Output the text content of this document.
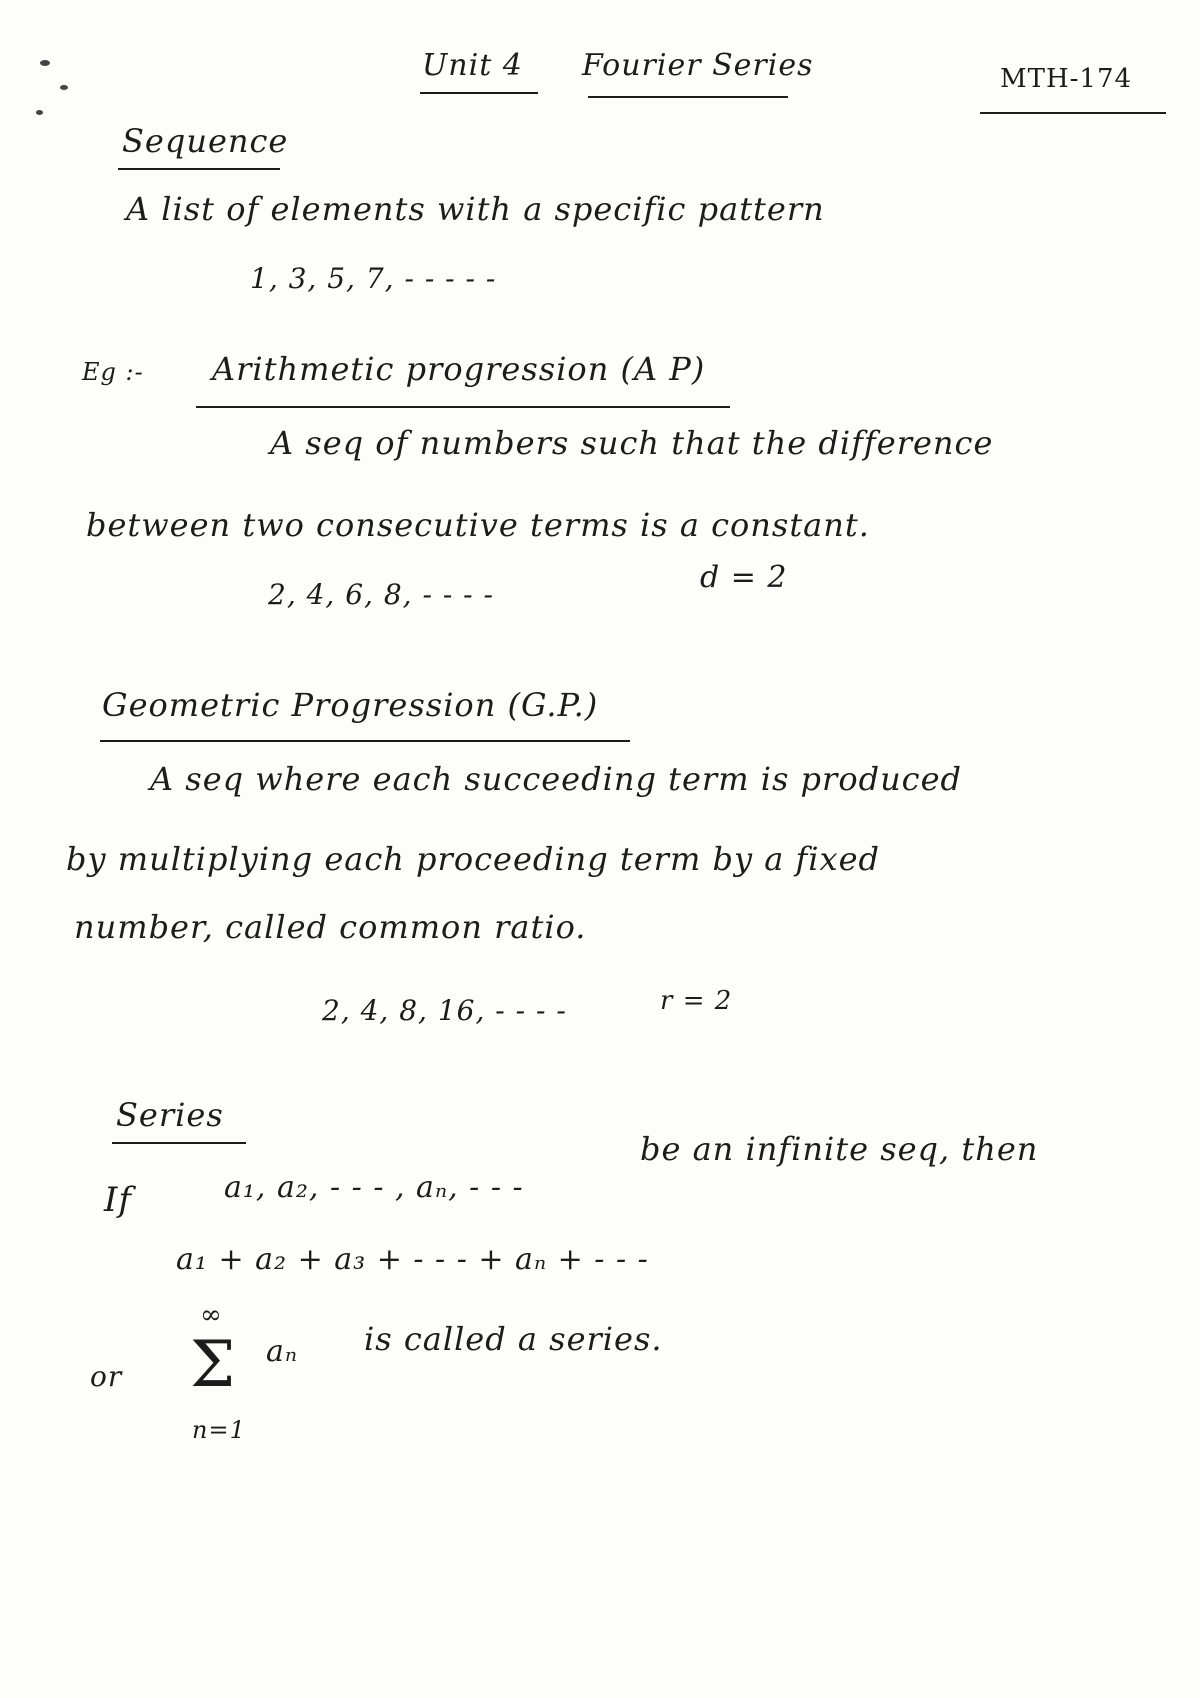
Unit 4 Fourier Series	MTH-174
Sequence
A list of elements with a specific pattern
1, 3, 5, 7, - - - - -
Eg :- Arithmetic progression (A P)
A seq of numbers such that the difference
between two consecutive terms is a constant.
2, 4, 6, 8, - - - -	d = 2
Geometric Progression (G.P.)
A seq where each succeeding term is produced
by multiplying each proceeding term by a fixed
number, called common ratio.
2, 4, 8, 16, - - - -	r = 2
Series
If	a₁, a₂, - - - , aₙ, - - -
be an infinite seq, then
a₁ + a₂ + a₃ + - - - + aₙ + - - -
or
∞
Σ aₙ
n=1
is called a series.
